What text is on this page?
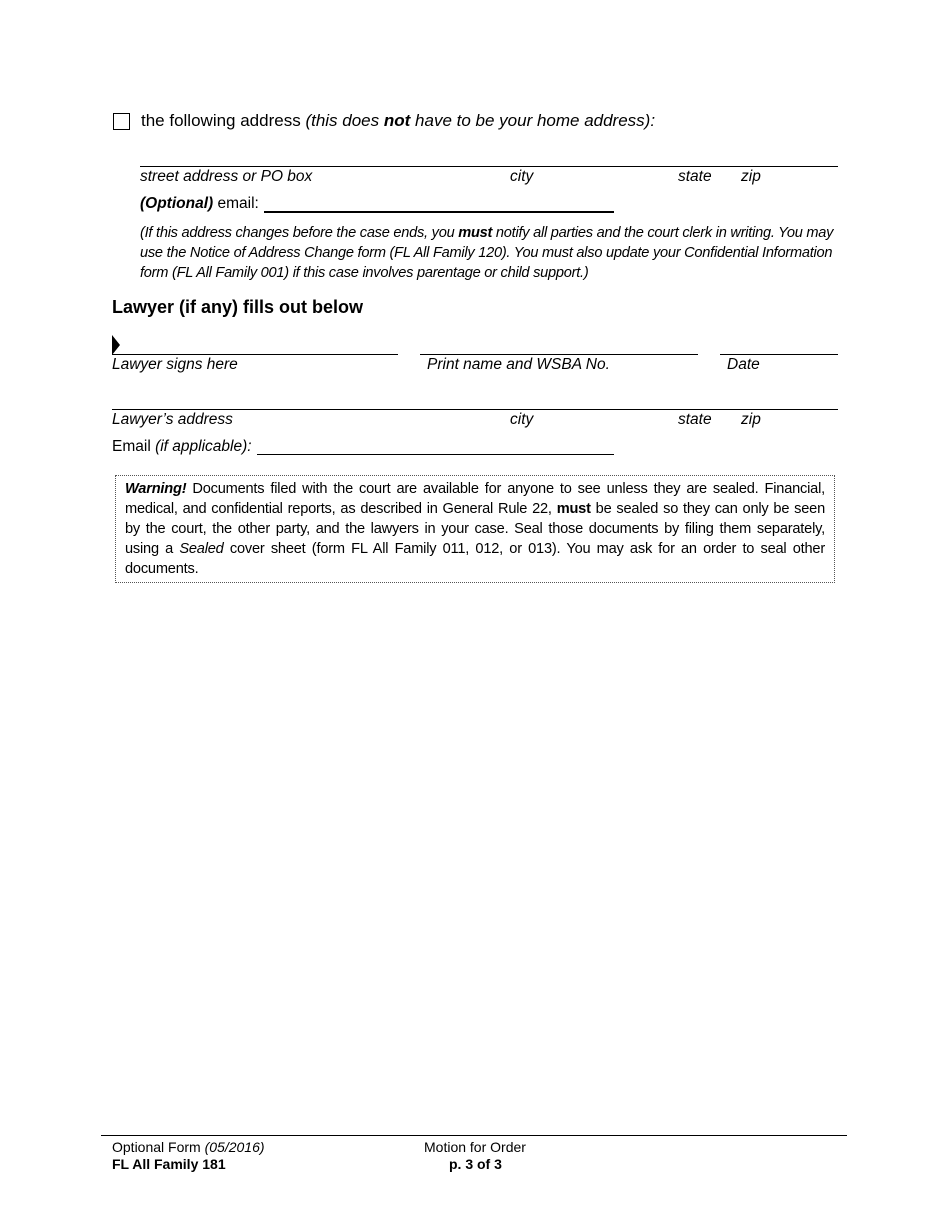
the following address (this does not have to be your home address):
street address or PO box	city	state zip
(Optional) email:
(If this address changes before the case ends, you must notify all parties and the court clerk in writing. You may use the Notice of Address Change form (FL All Family 120). You must also update your Confidential Information form (FL All Family 001) if this case involves parentage or child support.)
Lawyer (if any) fills out below
Lawyer signs here	Print name and WSBA No.	Date
Lawyer’s address	city	state zip
Email (if applicable):
Warning! Documents filed with the court are available for anyone to see unless they are sealed. Financial, medical, and confidential reports, as described in General Rule 22, must be sealed so they can only be seen by the court, the other party, and the lawyers in your case. Seal those documents by filing them separately, using a Sealed cover sheet (form FL All Family 011, 012, or 013). You may ask for an order to seal other documents.
Optional Form (05/2016)
FL All Family 181
Motion for Order
p. 3 of 3
